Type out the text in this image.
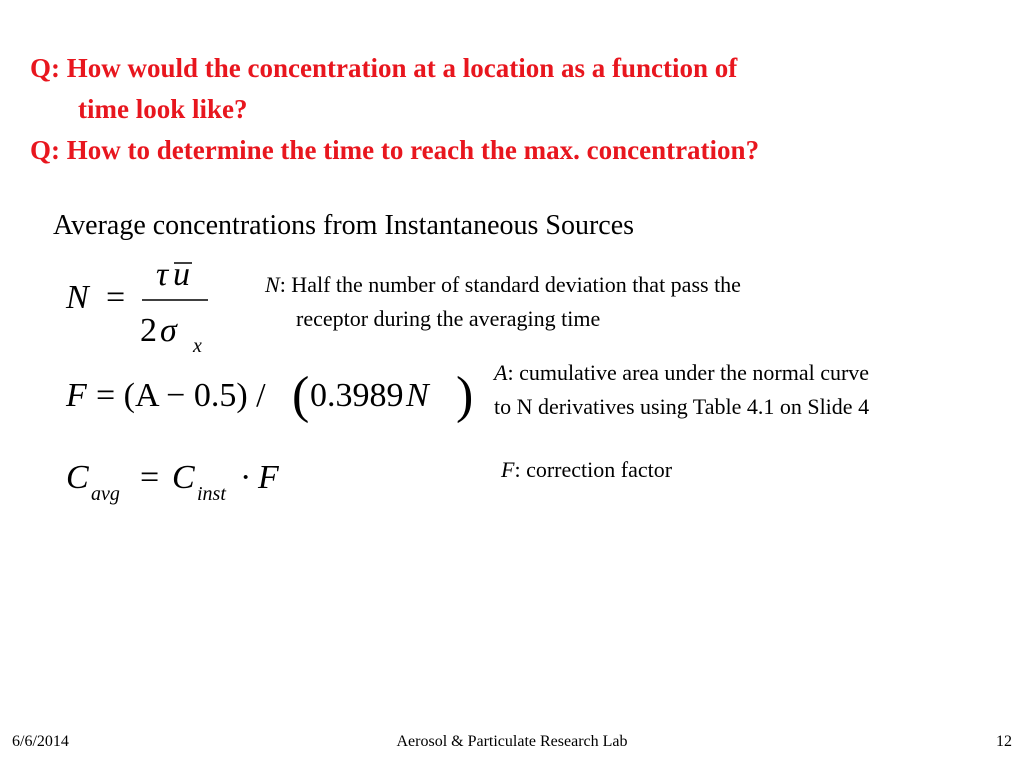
Q: How would the concentration at a location as a function of
time look like?
Q: How to determine the time to reach the max. concentration?
Average concentrations from Instantaneous Sources
N =
τ u
2 σ x
F = (A − 0.5) / ( 0.3989 N )
C avg = C inst · F
N: Half the number of standard deviation that pass the
receptor during the averaging time
A: cumulative area under the normal curve
to N derivatives using Table 4.1 on Slide 4
F: correction factor
6/6/2014	Aerosol & Particulate Research Lab	12
